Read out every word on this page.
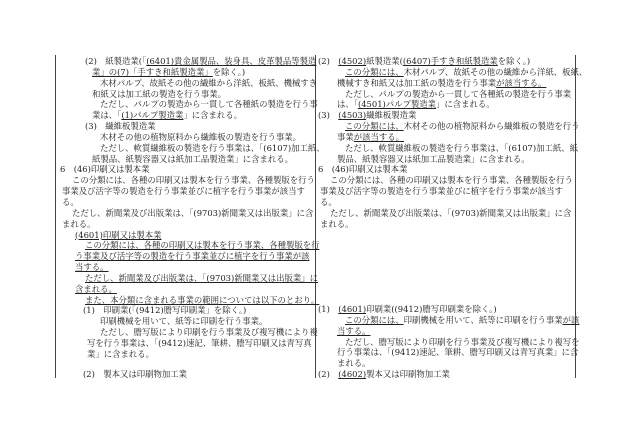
(2)　紙製造業(「(6401)貴金属製品、装身具、皮革製品等製造
業」の(7)「手すき和紙製造業」を除く。)
木材パルプ、故紙その他の繊維から洋紙、板紙、機械すき
和紙又は加工紙の製造を行う事業。
ただし、パルプの製造から一貫して各種紙の製造を行う事
業は、「(1)パルプ製造業」に含まれる。
(3)　繊維板製造業
木材その他の植物原料から繊維板の製造を行う事業。
ただし、軟質繊維板の製造を行う事業は、「(6107)加工紙、
紙製品、紙製容器又は紙加工品製造業」に含まれる。
6　(46)印刷又は製本業
この分類には、各種の印刷又は製本を行う事業、各種製版を行う
事業及び活字等の製造を行う事業並びに植字を行う事業が該当す
る。
ただし、新聞業及び出版業は、「(9703)新聞業又は出版業」に含
まれる。
(4601)印刷又は製本業
この分類には、各種の印刷又は製本を行う事業、各種製版を行
う事業及び活字等の製造を行う事業並びに植字を行う事業が該
当する。
ただし、新聞業及び出版業は、「(9703)新聞業又は出版業」に
含まれる。
また、本分類に含まれる事業の範囲については以下のとおり。
(1)　印刷業(「(9412)謄写印刷業」を除く。)
印刷機械を用いて、紙等に印刷を行う事業。
ただし、謄写版により印刷を行う事業及び複写機により複
写を行う事業は、「(9412)速記、筆耕、謄写印刷又は青写真
業」に含まれる。
(2)　製本又は印刷物加工業
(2)　(4502)紙製造業((6407)手すき和紙製造業を除く。)
この分類には、木材パルプ、故紙その他の繊維から洋紙、板紙、
機械すき和紙又は加工紙の製造を行う事業が該当する。
ただし、パルプの製造から一貫して各種紙の製造を行う事業
は、「(4501)パルプ製造業」に含まれる。
(3)　(4503)繊維板製造業
この分類には、木材その他の植物原料から繊維板の製造を行う
事業が該当する。
ただし、軟質繊維板の製造を行う事業は、「(6107)加工紙、紙
製品、紙製容器又は紙加工品製造業」に含まれる。
6　(46)印刷又は製本業
この分類には、各種の印刷又は製本を行う事業、各種製版を行う
事業及び活字等の製造を行う事業並びに植字を行う事業が該当す
る。
ただし、新聞業及び出版業は、「(9703)新聞業又は出版業」に含
まれる。
(1)　(4601)印刷業((9412)謄写印刷業を除く。)
この分類には、印刷機械を用いて、紙等に印刷を行う事業が該
当する。
ただし、謄写版により印刷を行う事業及び複写機により複写を
行う事業は、「(9412)速記、筆耕、謄写印刷又は青写真業」に含
まれる。
(2)　(4602)製本又は印刷物加工業
